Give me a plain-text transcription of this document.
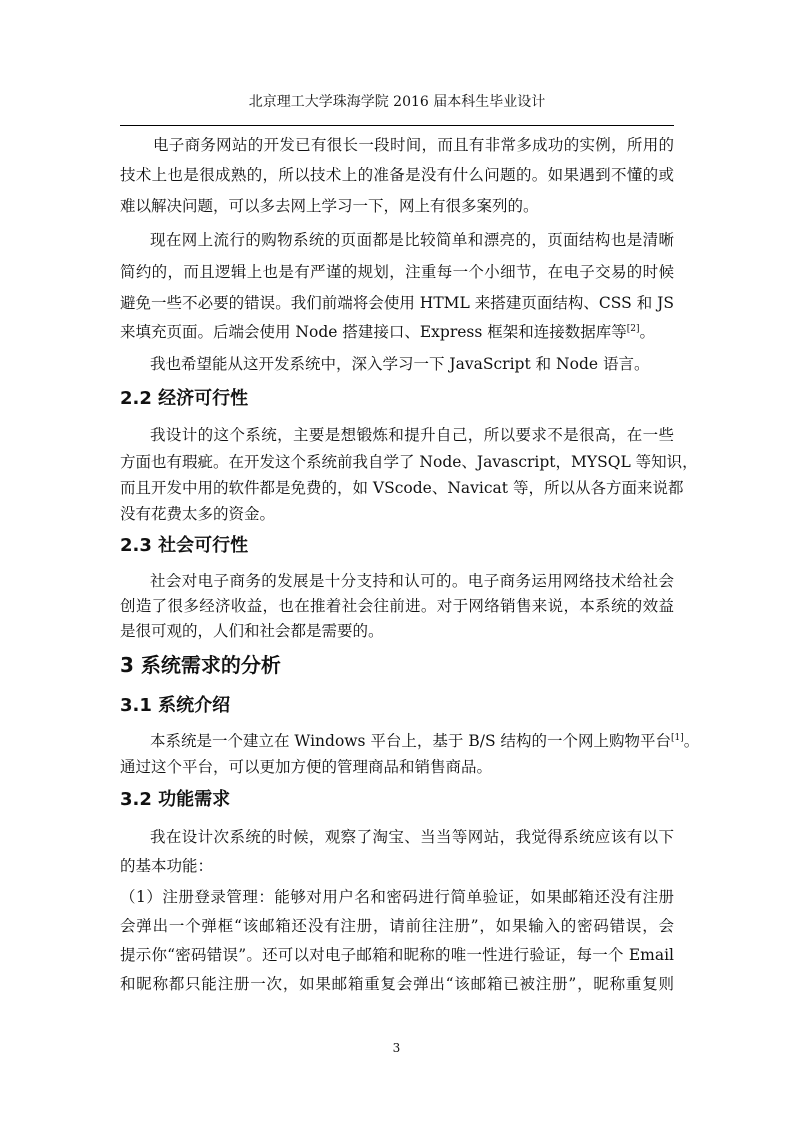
北京理工大学珠海学院 2016 届本科生毕业设计
电子商务网站的开发已有很长一段时间，而且有非常多成功的实例，所用的
技术上也是很成熟的，所以技术上的准备是没有什么问题的。如果遇到不懂的或
难以解决问题，可以多去网上学习一下，网上有很多案列的。
现在网上流行的购物系统的页面都是比较简单和漂亮的，页面结构也是清晰
简约的，而且逻辑上也是有严谨的规划，注重每一个小细节，在电子交易的时候
避免一些不必要的错误。我们前端将会使用 HTML 来搭建页面结构、CSS 和 JS
来填充页面。后端会使用 Node 搭建接口、Express 框架和连接数据库等[2]。
我也希望能从这开发系统中，深入学习一下 JavaScript 和 Node 语言。
2.2 经济可行性
我设计的这个系统，主要是想锻炼和提升自己，所以要求不是很高，在一些
方面也有瑕疵。在开发这个系统前我自学了 Node、Javascript，MYSQL 等知识，
而且开发中用的软件都是免费的，如 VScode、Navicat 等，所以从各方面来说都
没有花费太多的资金。
2.3 社会可行性
社会对电子商务的发展是十分支持和认可的。电子商务运用网络技术给社会
创造了很多经济收益，也在推着社会往前进。对于网络销售来说，本系统的效益
是很可观的，人们和社会都是需要的。
3 系统需求的分析
3.1 系统介绍
本系统是一个建立在 Windows 平台上，基于 B/S 结构的一个网上购物平台[1]。
通过这个平台，可以更加方便的管理商品和销售商品。
3.2 功能需求
我在设计次系统的时候，观察了淘宝、当当等网站，我觉得系统应该有以下
的基本功能：
（1）注册登录管理：能够对用户名和密码进行简单验证，如果邮箱还没有注册
会弹出一个弹框“该邮箱还没有注册，请前往注册”，如果输入的密码错误，会
提示你“密码错误”。还可以对电子邮箱和昵称的唯一性进行验证，每一个 Email
和昵称都只能注册一次，如果邮箱重复会弹出“该邮箱已被注册”，昵称重复则
3
